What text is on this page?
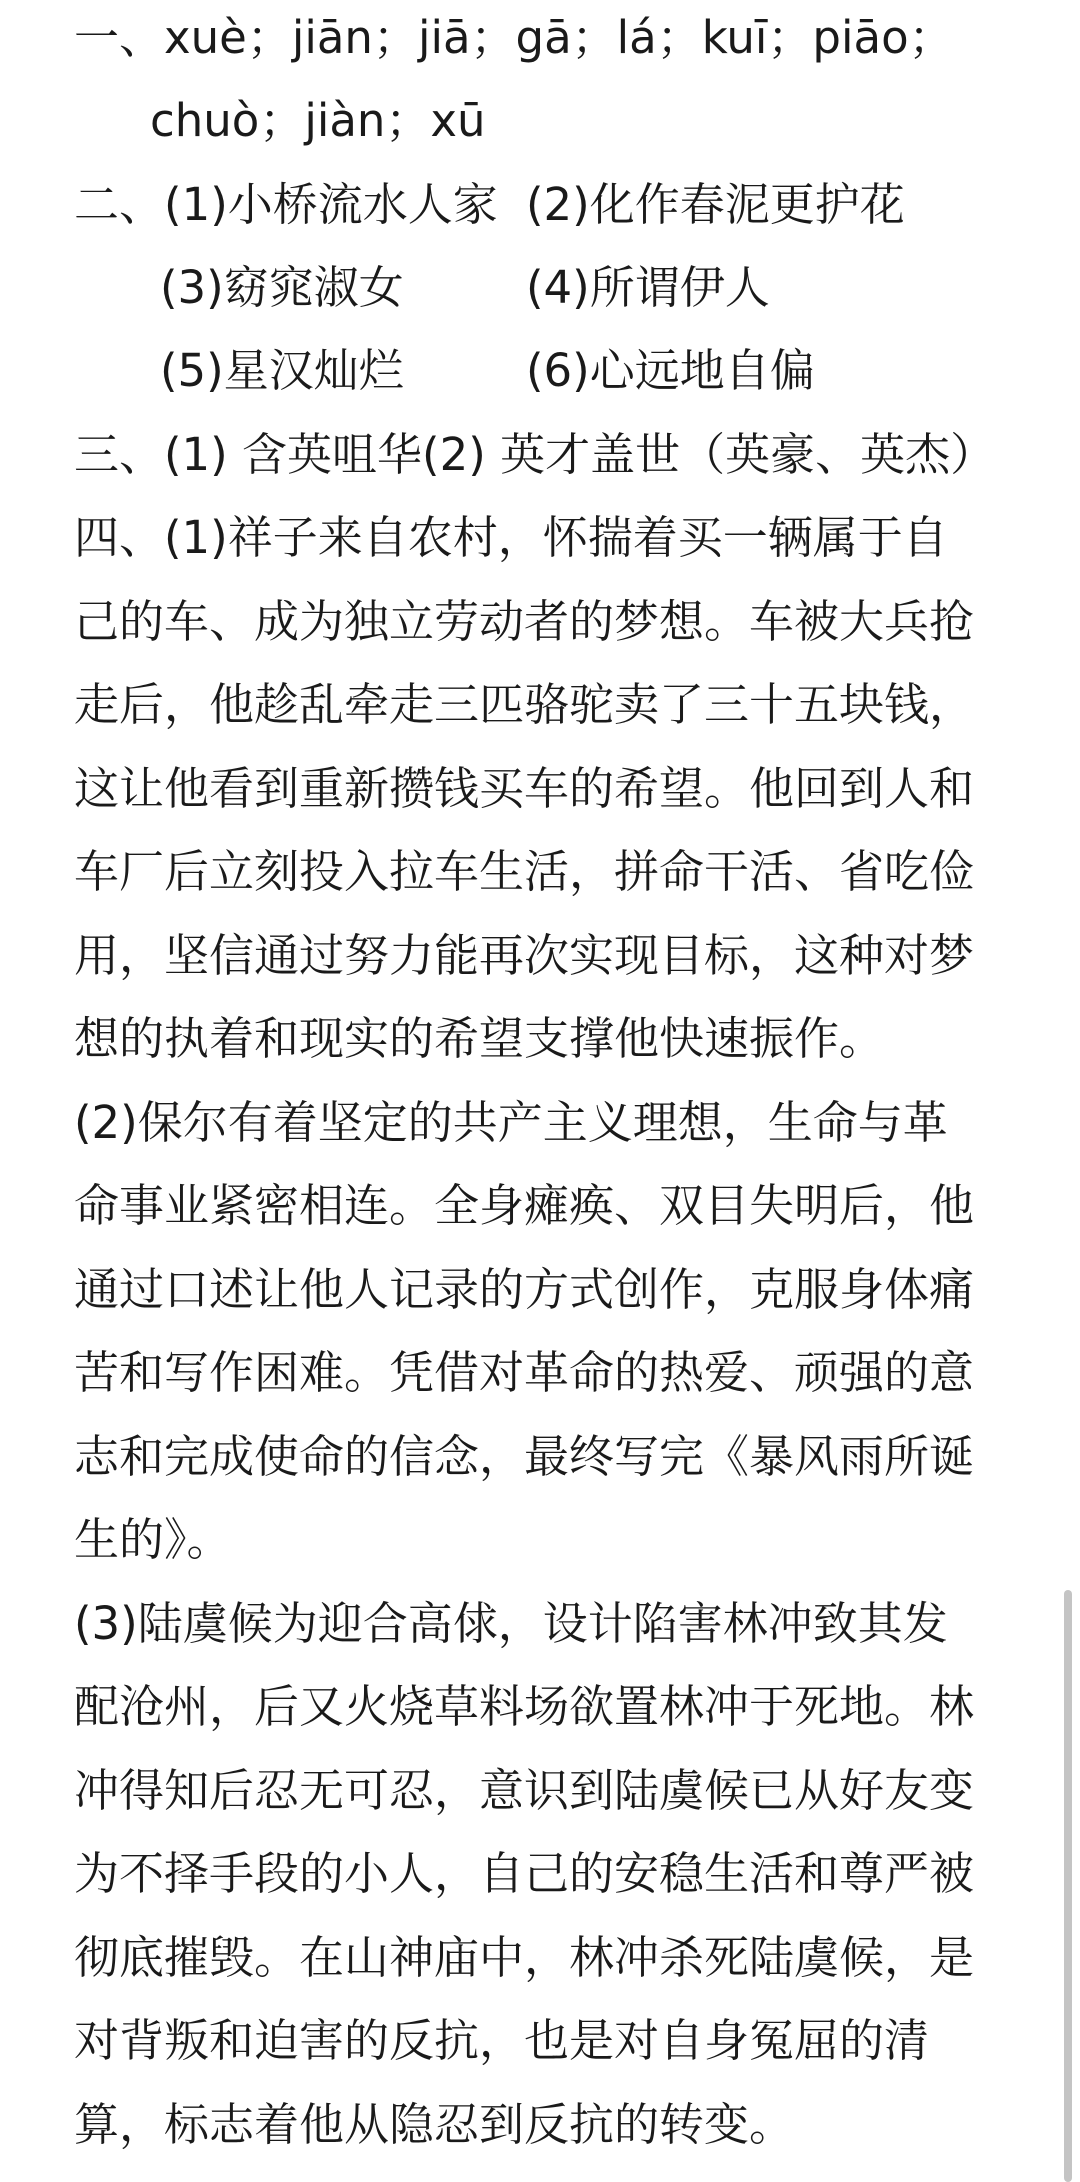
一、xuè；jiān；jiā；gā；lá；kuī；piāo；
chuò；jiàn；xū
二、(1)小桥流水人家 (2)化作春泥更护花
(3)窈窕淑女	(4)所谓伊人
(5)星汉灿烂	(6)心远地自偏
三、(1) 含英咀华(2) 英才盖世（英豪、英杰）
四、(1)祥子来自农村，怀揣着买一辆属于自
己的车、成为独立劳动者的梦想。车被大兵抢
走后，他趁乱牵走三匹骆驼卖了三十五块钱，
这让他看到重新攒钱买车的希望。他回到人和
车厂后立刻投入拉车生活，拼命干活、省吃俭
用，坚信通过努力能再次实现目标，这种对梦
想的执着和现实的希望支撑他快速振作。
(2)保尔有着坚定的共产主义理想，生命与革
命事业紧密相连。全身瘫痪、双目失明后，他
通过口述让他人记录的方式创作，克服身体痛
苦和写作困难。凭借对革命的热爱、顽强的意
志和完成使命的信念，最终写完《暴风雨所诞
生的》。
(3)陆虞候为迎合高俅，设计陷害林冲致其发
配沧州，后又火烧草料场欲置林冲于死地。林
冲得知后忍无可忍，意识到陆虞候已从好友变
为不择手段的小人，自己的安稳生活和尊严被
彻底摧毁。在山神庙中，林冲杀死陆虞候，是
对背叛和迫害的反抗，也是对自身冤屈的清
算，标志着他从隐忍到反抗的转变。
